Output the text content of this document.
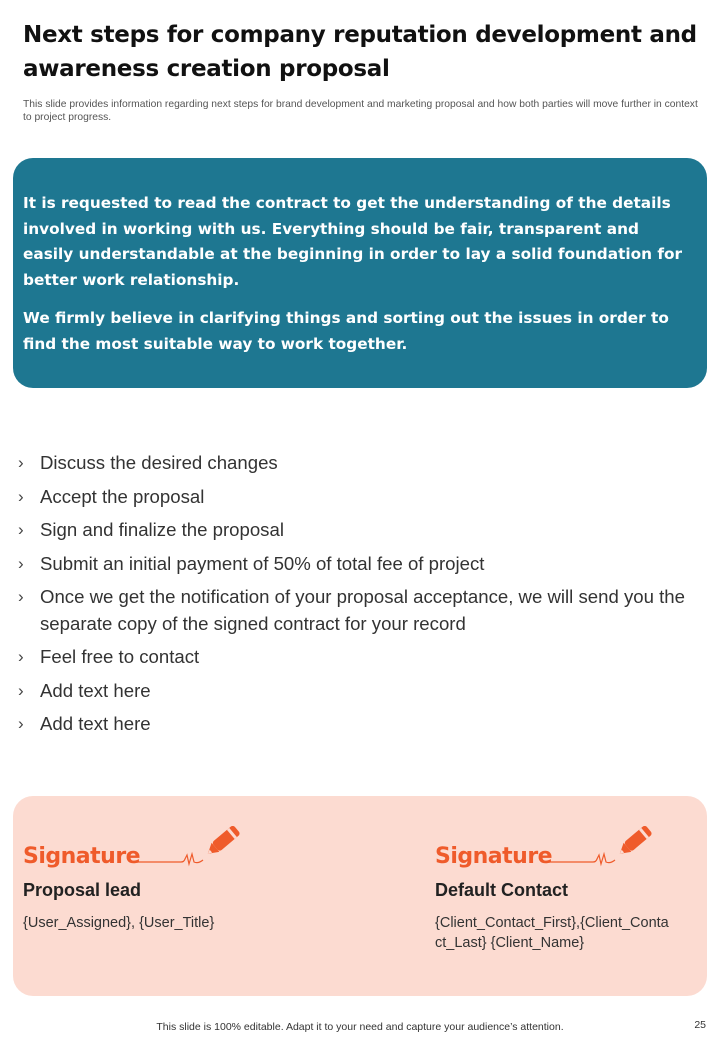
Next steps for company reputation development and awareness creation proposal
This slide provides information regarding next steps for brand development and marketing proposal and how both parties will move further in context to project progress.

It is requested to read the contract to get the understanding of the details involved in working with us. Everything should be fair, transparent and easily understandable at the beginning in order to lay a solid foundation for better work relationship.

We firmly believe in clarifying things and sorting out the issues in order to find the most suitable way to work together.

› Discuss the desired changes
› Accept the proposal
› Sign and finalize the proposal
› Submit an initial payment of 50% of total fee of project
› Once we get the notification of your proposal acceptance, we will send you the separate copy of the signed contract for your record
› Feel free to contact
› Add text here
› Add text here
Signature
Proposal lead
{User_Assigned}, {User_Title}
Signature
Default Contact
{Client_Contact_First},{Client_Contact_Last} {Client_Name}
This slide is 100% editable. Adapt it to your need and capture your audience’s attention.	25
